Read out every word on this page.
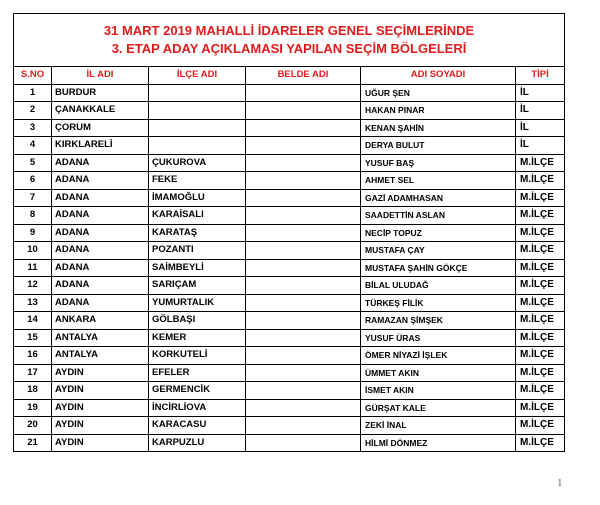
31 MART 2019 MAHALLİ İDARELER GENEL SEÇİMLERİNDE
3. ETAP ADAY AÇIKLAMASI YAPILAN SEÇİM BÖLGELERİ					

S.NO	İL ADI	İLÇE ADI	BELDE ADI	ADI SOYADI	TİPİ
1	BURDUR			UĞUR ŞEN	İL
2	ÇANAKKALE			HAKAN PINAR	İL
3	ÇORUM			KENAN ŞAHİN	İL
4	KIRKLARELİ			DERYA BULUT	İL
5	ADANA	ÇUKUROVA		YUSUF BAŞ	M.İLÇE
6	ADANA	FEKE		AHMET SEL	M.İLÇE
7	ADANA	İMAMOĞLU		GAZİ ADAMHASAN	M.İLÇE
8	ADANA	KARAİSALI		SAADETTİN ASLAN	M.İLÇE
9	ADANA	KARATAŞ		NECİP TOPUZ	M.İLÇE
10	ADANA	POZANTI		MUSTAFA ÇAY	M.İLÇE
11	ADANA	SAİMBEYLİ		MUSTAFA ŞAHİN GÖKÇE	M.İLÇE
12	ADANA	SARIÇAM		BİLAL ULUDAĞ	M.İLÇE
13	ADANA	YUMURTALIK		TÜRKEŞ FİLİK	M.İLÇE
14	ANKARA	GÖLBAŞI		RAMAZAN ŞİMŞEK	M.İLÇE
15	ANTALYA	KEMER		YUSUF ÜRAS	M.İLÇE
16	ANTALYA	KORKUTELİ		ÖMER NİYAZİ İŞLEK	M.İLÇE
17	AYDIN	EFELER		ÜMMET AKIN	M.İLÇE
18	AYDIN	GERMENCİK		İSMET AKIN	M.İLÇE
19	AYDIN	İNCİRLİOVA		GÜRŞAT KALE	M.İLÇE
20	AYDIN	KARACASU		ZEKİ İNAL	M.İLÇE
21	AYDIN	KARPUZLU		HİLMİ DÖNMEZ	M.İLÇE
1
